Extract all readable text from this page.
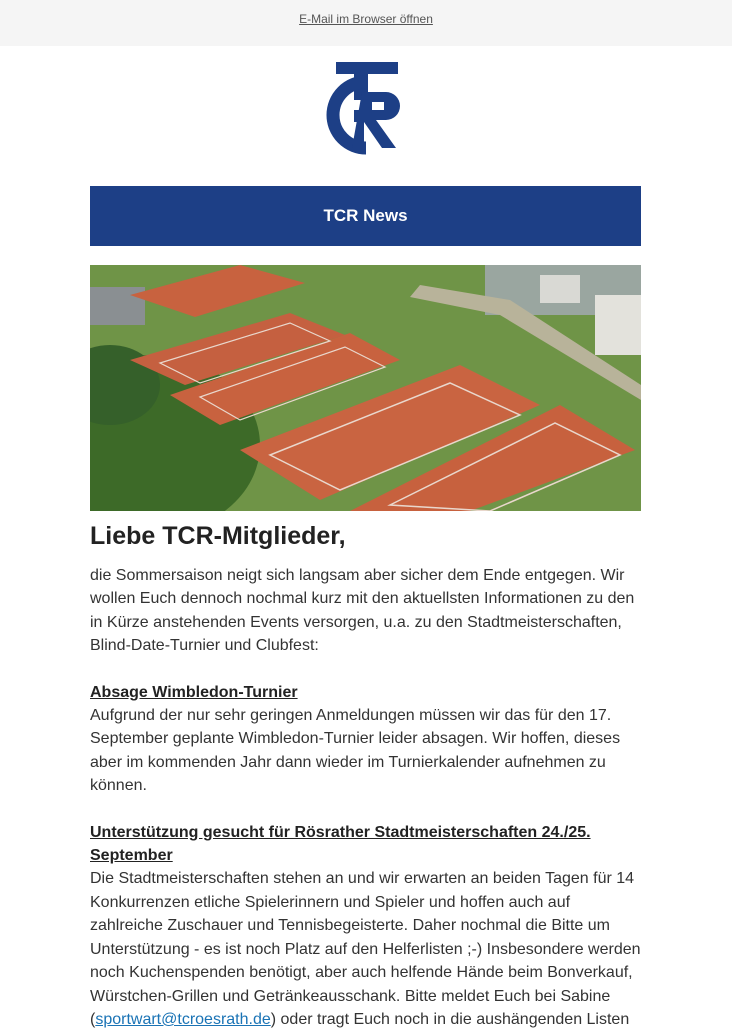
E-Mail im Browser öffnen
TCR News
Liebe TCR-Mitglieder,

die Sommersaison neigt sich langsam aber sicher dem Ende entgegen. Wir wollen Euch dennoch nochmal kurz mit den aktuellsten Informationen zu den in Kürze anstehenden Events versorgen, u.a. zu den Stadtmeisterschaften, Blind-Date-Turnier und Clubfest:

Absage Wimbledon-Turnier

Aufgrund der nur sehr geringen Anmeldungen müssen wir das für den 17. September geplante Wimbledon-Turnier leider absagen. Wir hoffen, dieses aber im kommenden Jahr dann wieder im Turnierkalender aufnehmen zu können.

Unterstützung gesucht für Rösrather Stadtmeisterschaften 24./25. September

Die Stadtmeisterschaften stehen an und wir erwarten an beiden Tagen für 14 Konkurrenzen etliche Spielerinnern und Spieler und hoffen auch auf zahlreiche Zuschauer und Tennisbegeisterte. Daher nochmal die Bitte um Unterstützung - es ist noch Platz auf den Helferlisten ;-) Insbesondere werden noch Kuchenspenden benötigt, aber auch helfende Hände beim Bonverkauf, Würstchen-Grillen und Getränkeausschank. Bitte meldet Euch bei Sabine (sportwart@tcroesrath.de) oder tragt Euch noch in die aushängenden Listen
